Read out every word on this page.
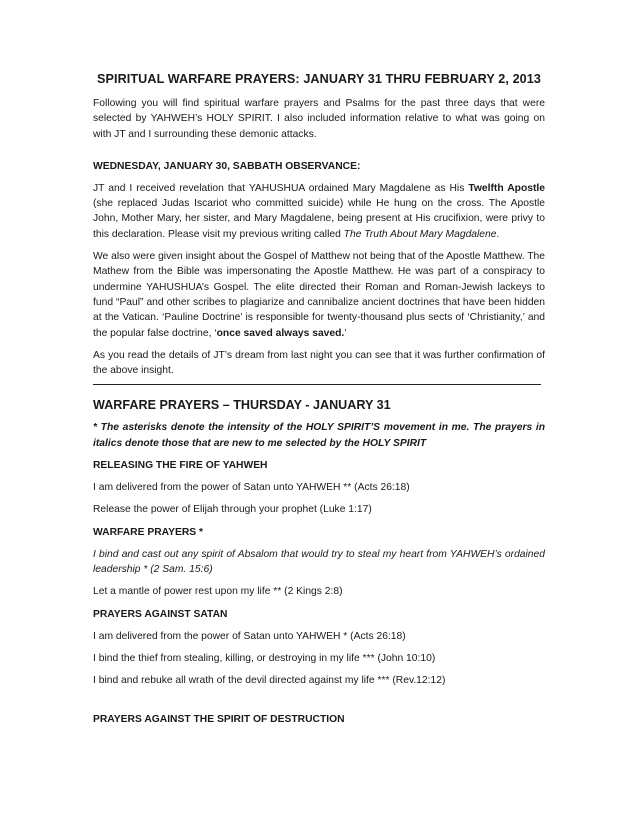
SPIRITUAL WARFARE PRAYERS: JANUARY 31 THRU FEBRUARY 2, 2013

Following you will find spiritual warfare prayers and Psalms for the past three days that were selected by YAHWEH’s HOLY SPIRIT. I also included information relative to what was going on with JT and I surrounding these demonic attacks.

WEDNESDAY, JANUARY 30, SABBATH OBSERVANCE:

JT and I received revelation that YAHUSHUA ordained Mary Magdalene as His Twelfth Apostle (she replaced Judas Iscariot who committed suicide) while He hung on the cross. The Apostle John, Mother Mary, her sister, and Mary Magdalene, being present at His crucifixion, were privy to this declaration. Please visit my previous writing called The Truth About Mary Magdalene.

We also were given insight about the Gospel of Matthew not being that of the Apostle Matthew. The Mathew from the Bible was impersonating the Apostle Matthew. He was part of a conspiracy to undermine YAHUSHUA’s Gospel. The elite directed their Roman and Roman-Jewish lackeys to fund “Paul” and other scribes to plagiarize and cannibalize ancient doctrines that have been hidden at the Vatican. ‘Pauline Doctrine’ is responsible for twenty-thousand plus sects of ‘Christianity,’ and the popular false doctrine, ‘once saved always saved.’

As you read the details of JT’s dream from last night you can see that it was further confirmation of the above insight.

WARFARE PRAYERS – THURSDAY - JANUARY 31

* The asterisks denote the intensity of the HOLY SPIRIT’S movement in me. The prayers in italics denote those that are new to me selected by the HOLY SPIRIT

RELEASING THE FIRE OF YAHWEH

I am delivered from the power of Satan unto YAHWEH ** (Acts 26:18)

Release the power of Elijah through your prophet (Luke 1:17)

WARFARE PRAYERS *

I bind and cast out any spirit of Absalom that would try to steal my heart from YAHWEH’s ordained leadership * (2 Sam. 15:6)

Let a mantle of power rest upon my life ** (2 Kings 2:8)

PRAYERS AGAINST SATAN

I am delivered from the power of Satan unto YAHWEH * (Acts 26:18)

I bind the thief from stealing, killing, or destroying in my life *** (John 10:10)

I bind and rebuke all wrath of the devil directed against my life *** (Rev.12:12)

PRAYERS AGAINST THE SPIRIT OF DESTRUCTION
